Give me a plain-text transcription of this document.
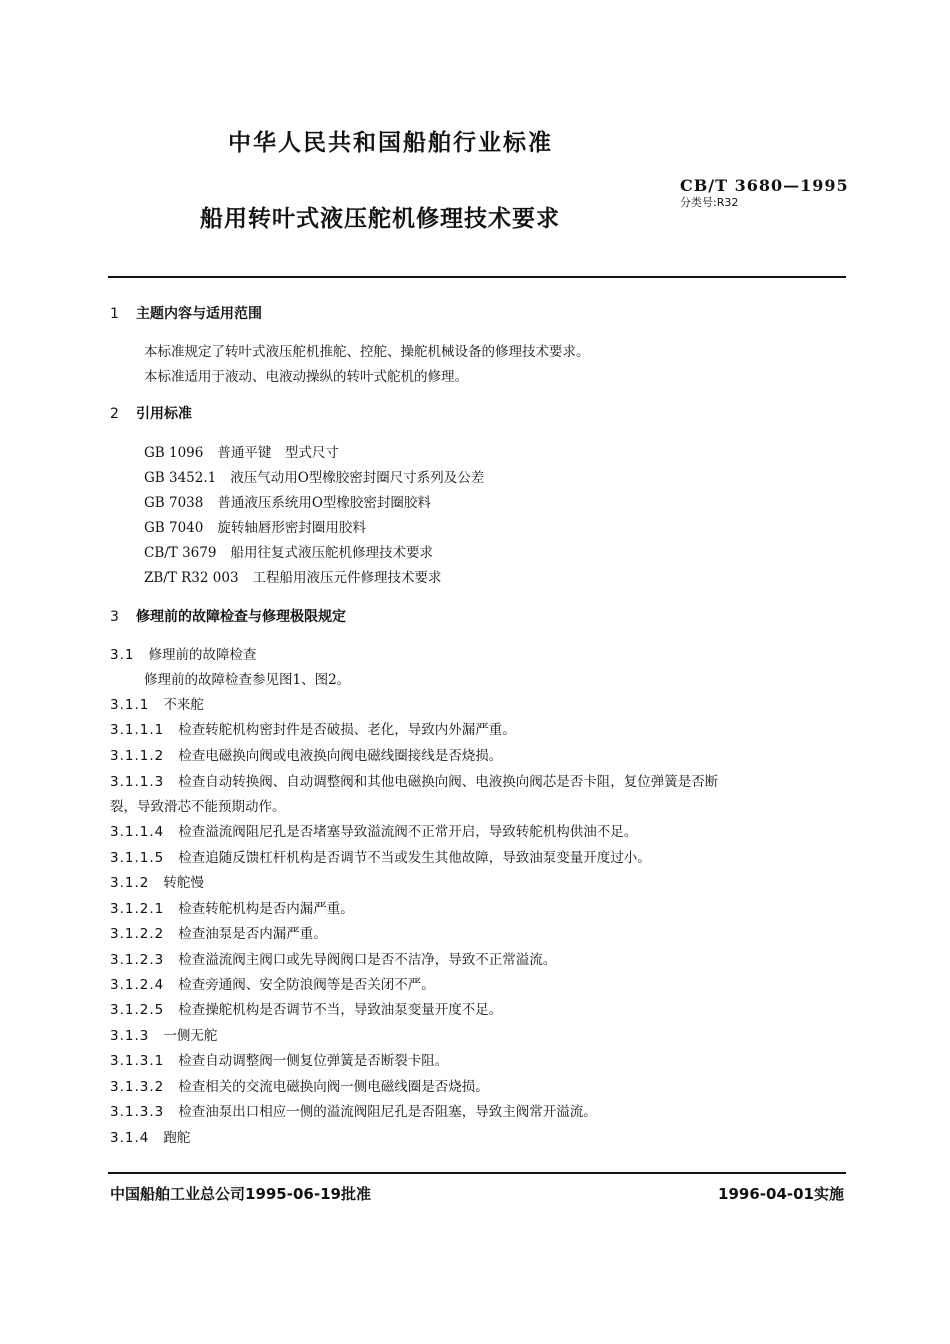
中华人民共和国船舶行业标准
CB/T 3680—1995
分类号:R32
船用转叶式液压舵机修理技术要求
1 主题内容与适用范围
本标准规定了转叶式液压舵机推舵、控舵、操舵机械设备的修理技术要求。
本标准适用于液动、电液动操纵的转叶式舵机的修理。
2 引用标准
GB 1096 普通平键　型式尺寸
GB 3452.1 液压气动用O型橡胶密封圈尺寸系列及公差
GB 7038 普通液压系统用O型橡胶密封圈胶料
GB 7040 旋转轴唇形密封圈用胶料
CB/T 3679 船用往复式液压舵机修理技术要求
ZB/T R32 003 工程船用液压元件修理技术要求
3 修理前的故障检查与修理极限规定
3.1 修理前的故障检查
修理前的故障检查参见图1、图2。
3.1.1 不来舵
3.1.1.1 检查转舵机构密封件是否破损、老化，导致内外漏严重。
3.1.1.2 检查电磁换向阀或电液换向阀电磁线圈接线是否烧损。
3.1.1.3 检查自动转换阀、自动调整阀和其他电磁换向阀、电液换向阀芯是否卡阻，复位弹簧是否断
裂，导致滑芯不能预期动作。
3.1.1.4 检查溢流阀阻尼孔是否堵塞导致溢流阀不正常开启，导致转舵机构供油不足。
3.1.1.5 检查追随反馈杠杆机构是否调节不当或发生其他故障，导致油泵变量开度过小。
3.1.2 转舵慢
3.1.2.1 检查转舵机构是否内漏严重。
3.1.2.2 检查油泵是否内漏严重。
3.1.2.3 检查溢流阀主阀口或先导阀阀口是否不洁净，导致不正常溢流。
3.1.2.4 检查旁通阀、安全防浪阀等是否关闭不严。
3.1.2.5 检查操舵机构是否调节不当，导致油泵变量开度不足。
3.1.3 一侧无舵
3.1.3.1 检查自动调整阀一侧复位弹簧是否断裂卡阻。
3.1.3.2 检查相关的交流电磁换向阀一侧电磁线圈是否烧损。
3.1.3.3 检查油泵出口相应一侧的溢流阀阻尼孔是否阻塞，导致主阀常开溢流。
3.1.4 跑舵
中国船舶工业总公司1995-06-19批准	1996-04-01实施
